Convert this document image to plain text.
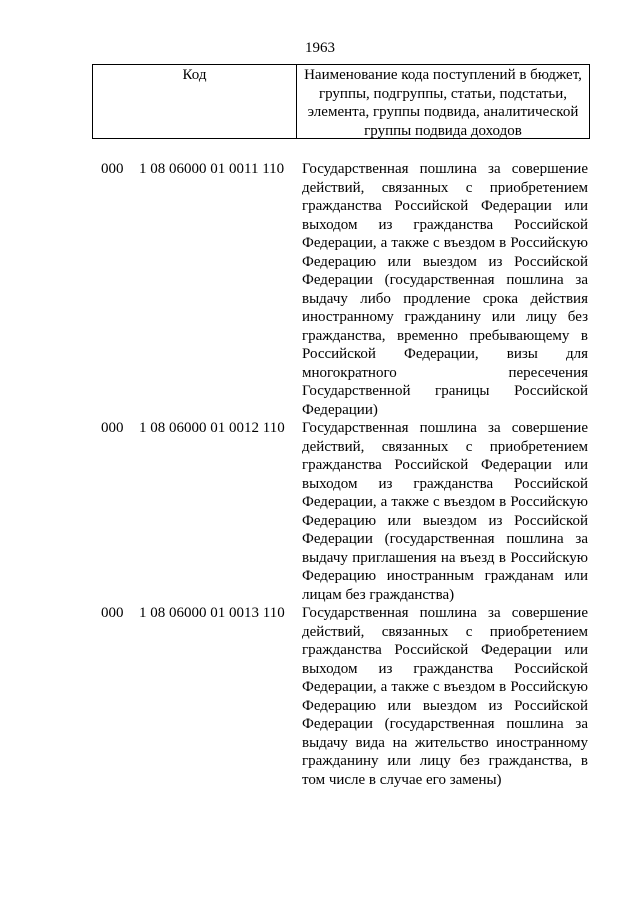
1963
Код	Наименование кода поступлений в бюджет, группы, подгруппы, статьи, подстатьи, элемента, группы подвида, аналитической группы подвида доходов
000 1 08 06000 01 0011 110 Государственная пошлина за совершение действий, связанных с приобретением гражданства Российской Федерации или выходом из гражданства Российской Федерации, а также с въездом в Российскую Федерацию или выездом из Российской Федерации (государственная пошлина за выдачу либо продление срока действия иностранному гражданину или лицу без гражданства, временно пребывающему в Российской Федерации, визы для многократного пересечения Государственной границы Российской Федерации)
000 1 08 06000 01 0012 110 Государственная пошлина за совершение действий, связанных с приобретением гражданства Российской Федерации или выходом из гражданства Российской Федерации, а также с въездом в Российскую Федерацию или выездом из Российской Федерации (государственная пошлина за выдачу приглашения на въезд в Российскую Федерацию иностранным гражданам или лицам без гражданства)
000 1 08 06000 01 0013 110 Государственная пошлина за совершение действий, связанных с приобретением гражданства Российской Федерации или выходом из гражданства Российской Федерации, а также с въездом в Российскую Федерацию или выездом из Российской Федерации (государственная пошлина за выдачу вида на жительство иностранному гражданину или лицу без гражданства, в том числе в случае его замены)
